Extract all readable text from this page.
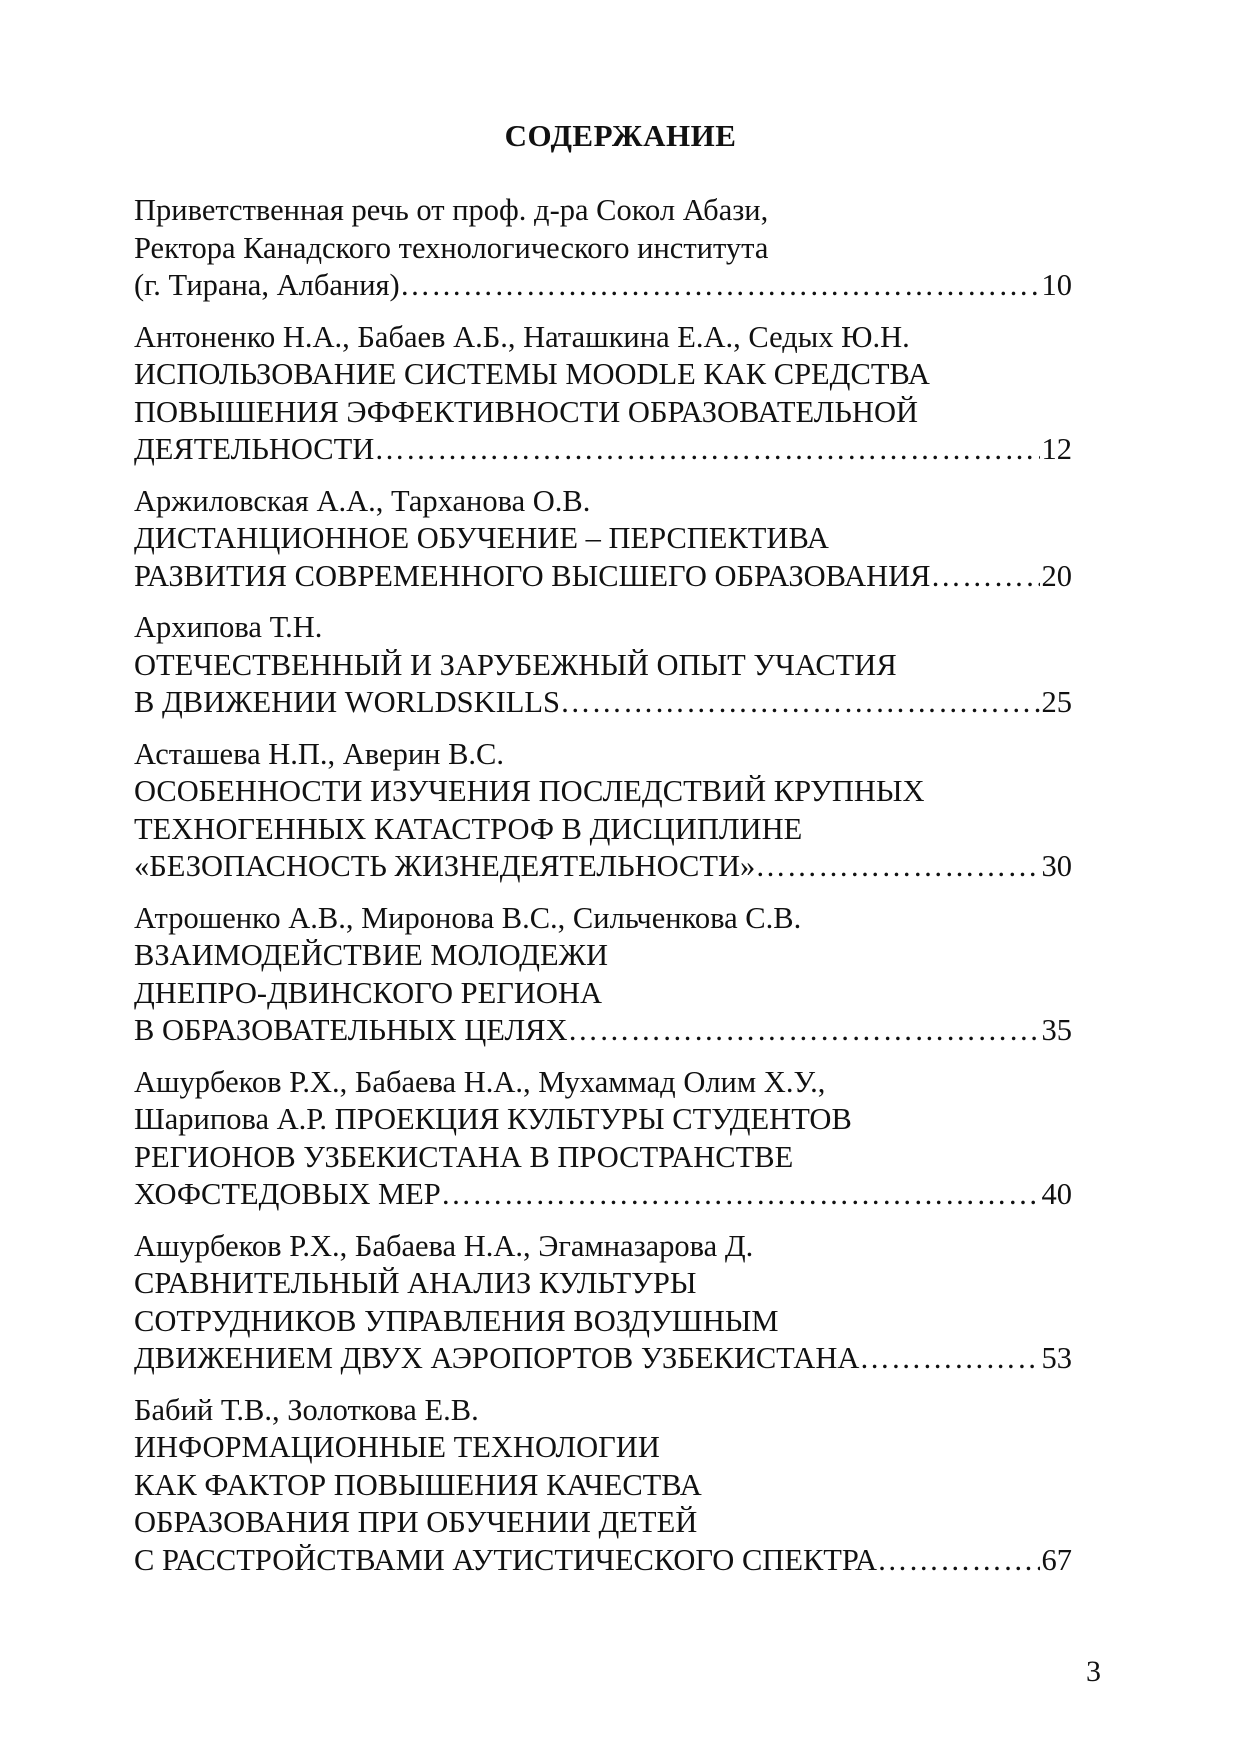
СОДЕРЖАНИЕ
Приветственная речь от проф. д-ра Сокол Абази,
Ректора Канадского технологического института
(г. Тирана, Албания) …………………………………………………………………………………………………………………………………………	10
Антоненко Н.А., Бабаев А.Б., Наташкина Е.А., Седых Ю.Н.
ИСПОЛЬЗОВАНИЕ СИСТЕМЫ MOODLE КАК СРЕДСТВА
ПОВЫШЕНИЯ ЭФФЕКТИВНОСТИ ОБРАЗОВАТЕЛЬНОЙ
ДЕЯТЕЛЬНОСТИ …………………………………………………………………………………………………………………………………………	12
Аржиловская А.А., Тарханова О.В.
ДИСТАНЦИОННОЕ ОБУЧЕНИЕ – ПЕРСПЕКТИВА
РАЗВИТИЯ СОВРЕМЕННОГО ВЫСШЕГО ОБРАЗОВАНИЯ …………………………………………………………………………………………………………………………………………	20
Архипова Т.Н.
ОТЕЧЕСТВЕННЫЙ И ЗАРУБЕЖНЫЙ ОПЫТ УЧАСТИЯ
В ДВИЖЕНИИ WORLDSKILLS …………………………………………………………………………………………………………………………………………	25
Асташева Н.П., Аверин В.С.
ОСОБЕННОСТИ ИЗУЧЕНИЯ ПОСЛЕДСТВИЙ КРУПНЫХ
ТЕХНОГЕННЫХ КАТАСТРОФ В ДИСЦИПЛИНЕ
«БЕЗОПАСНОСТЬ ЖИЗНЕДЕЯТЕЛЬНОСТИ» …………………………………………………………………………………………………………………………………………	30
Атрошенко А.В., Миронова В.С., Сильченкова С.В.
ВЗАИМОДЕЙСТВИЕ МОЛОДЕЖИ
ДНЕПРО-ДВИНСКОГО РЕГИОНА
В ОБРАЗОВАТЕЛЬНЫХ ЦЕЛЯХ …………………………………………………………………………………………………………………………………………	35
Ашурбеков Р.Х., Бабаева Н.А., Мухаммад Олим Х.У.,
Шарипова А.Р. ПРОЕКЦИЯ КУЛЬТУРЫ СТУДЕНТОВ
РЕГИОНОВ УЗБЕКИСТАНА В ПРОСТРАНСТВЕ
ХОФСТЕДОВЫХ МЕР …………………………………………………………………………………………………………………………………………	40
Ашурбеков Р.Х., Бабаева Н.А., Эгамназарова Д.
СРАВНИТЕЛЬНЫЙ АНАЛИЗ КУЛЬТУРЫ
СОТРУДНИКОВ УПРАВЛЕНИЯ ВОЗДУШНЫМ
ДВИЖЕНИЕМ ДВУХ АЭРОПОРТОВ УЗБЕКИСТАНА …………………………………………………………………………………………………………………………………………	53
Бабий Т.В., Золоткова Е.В.
ИНФОРМАЦИОННЫЕ ТЕХНОЛОГИИ
КАК ФАКТОР ПОВЫШЕНИЯ КАЧЕСТВА
ОБРАЗОВАНИЯ ПРИ ОБУЧЕНИИ ДЕТЕЙ
С РАССТРОЙСТВАМИ АУТИСТИЧЕСКОГО СПЕКТРА …………………………………………………………………………………………………………………………………………	67
3
